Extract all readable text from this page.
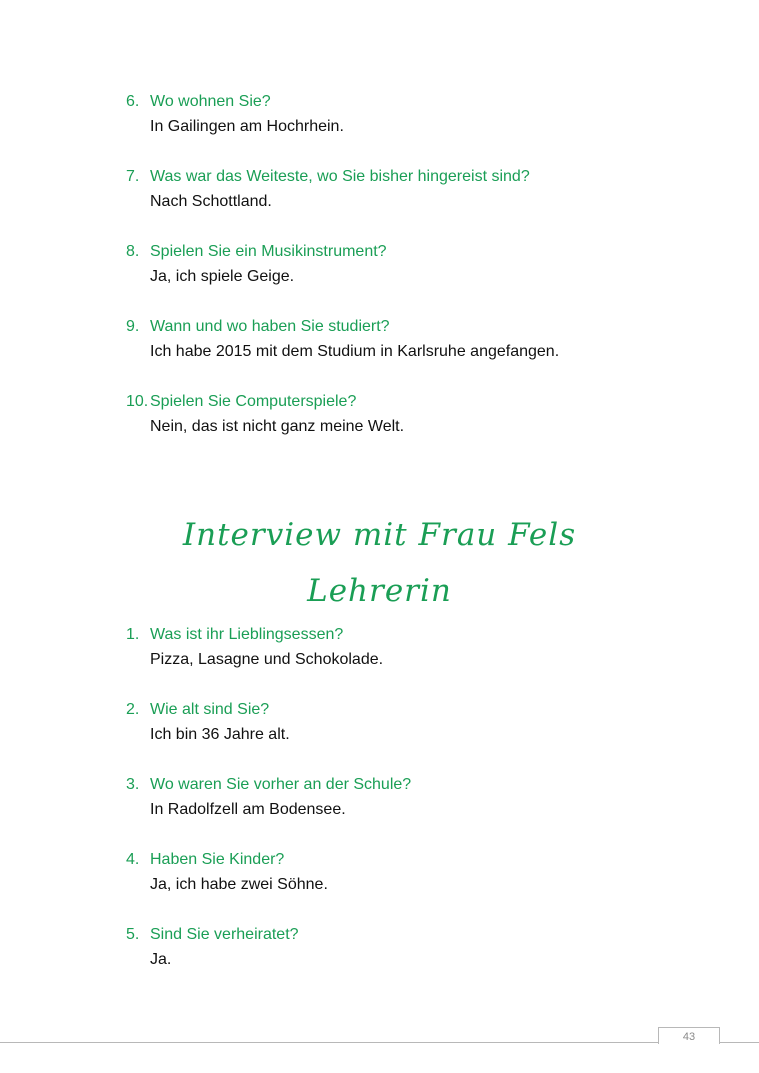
6. Wo wohnen Sie?
In Gailingen am Hochrhein.
7. Was war das Weiteste, wo Sie bisher hingereist sind?
Nach Schottland.
8. Spielen Sie ein Musikinstrument?
Ja, ich spiele Geige.
9. Wann und wo haben Sie studiert?
Ich habe 2015 mit dem Studium in Karlsruhe angefangen.
10. Spielen Sie Computerspiele?
Nein, das ist nicht ganz meine Welt.
Interview mit Frau Fels
Lehrerin
1. Was ist ihr Lieblingsessen?
Pizza, Lasagne und Schokolade.
2. Wie alt sind Sie?
Ich bin 36 Jahre alt.
3. Wo waren Sie vorher an der Schule?
In Radolfzell am Bodensee.
4. Haben Sie Kinder?
Ja, ich habe zwei Söhne.
5. Sind Sie verheiratet?
Ja.
43
